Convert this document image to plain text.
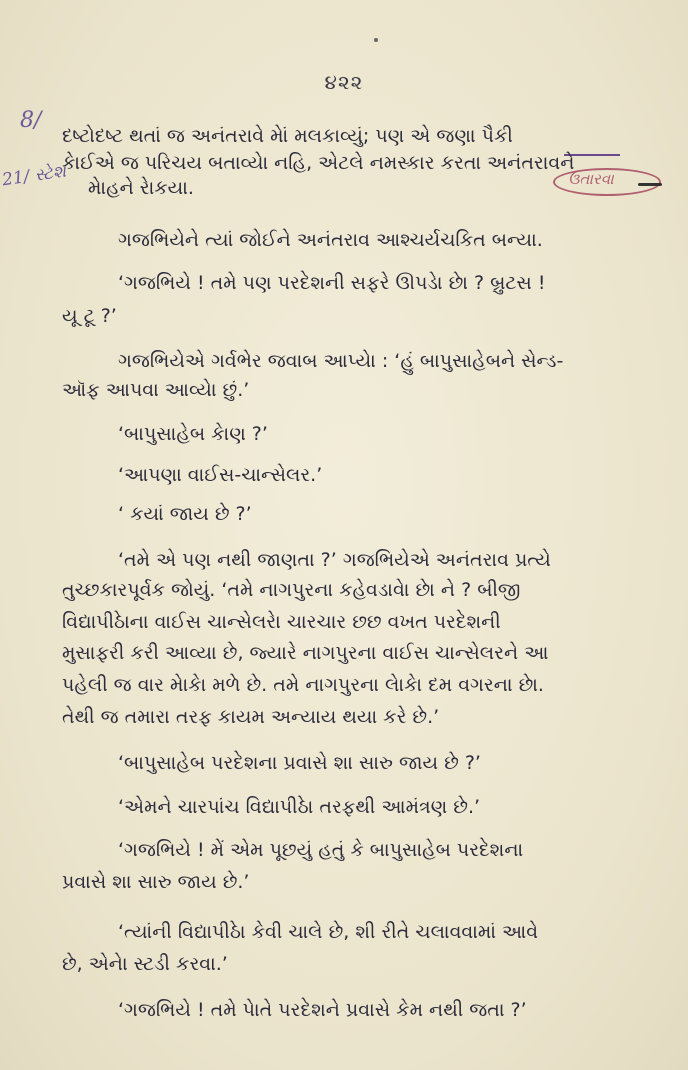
૪૨૨
8/
21/ સ્ટેશ	ઉતારવા
દષ્ટોદષ્ટ થતાં જ અનંતરાવે મેાં મલકાવ્યું; પણ એ જણા પૈકી
કેાઈએ જ પરિચય બતાવ્યેા નહિ, એટલે નમસ્કાર કરતા અનંતરાવને
મેાહને રેાકયા.
ગજભિયેને ત્યાં જોઈને અનંતરાવ આશ્ચર્યચકિત બન્યા.
‘ગજભિયે ! તમે પણ પરદેશની સફરે ઊપડેા છેા ? બ્રુટસ !
યૂ ટૂ ?’
ગજભિયેએ ગર્વભેર જવાબ આપ્યેા : ‘હું બાપુસાહેબને સેન્ડ-
ઑફ આપવા આવ્યેા છું.’
‘બાપુસાહેબ કેાણ ?’
‘આપણા વાઈસ-ચાન્સેલર.’
‘ કયાં જાય છે ?’
‘તમે એ પણ નથી જાણતા ?’ ગજભિયેએ અનંતરાવ પ્રત્યે
તુચ્છકારપૂર્વક જોયું. ‘તમે નાગપુરના કહેવડાવેા છેા ને ? બીજી
વિદ્યાપીઠેાના વાઈસ ચાન્સેલરેા ચારચાર છછ વખત પરદેશની
મુસાફરી કરી આવ્યા છે, જ્યારે નાગપુરના વાઈસ ચાન્સેલરને આ
પહેલી જ વાર મેાકેા મળે છે. તમે નાગપુરના લેાકેા દમ વગરના છેા.
તેથી જ તમારા તરફ કાયમ અન્યાય થયા કરે છે.’
‘બાપુસાહેબ પરદેશના પ્રવાસે શા સારુ જાય છે ?’
‘એમને ચારપાંચ વિદ્યાપીઠેા તરફથી આમંત્રણ છે.’
‘ગજભિયે ! મેં એમ પૂછયું હતું કે બાપુસાહેબ પરદેશના
પ્રવાસે શા સારુ જાય છે.’
‘ત્યાંની વિદ્યાપીઠેા કેવી ચાલે છે, શી રીતે ચલાવવામાં આવે
છે, એનેા સ્ટડી કરવા.’
‘ગજભિયે ! તમે પેાતે પરદેશને પ્રવાસે કેમ નથી જતા ?’
